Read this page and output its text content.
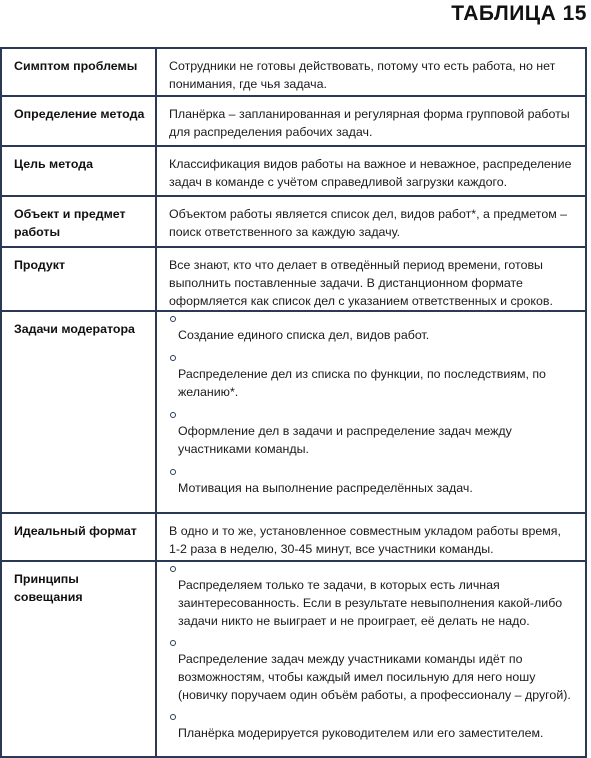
ТАБЛИЦА 15
Симптом проблемы	Сотрудники не готовы действовать, потому что есть работа, но нет понимания, где чья задача.
Определение метода	Планёрка – запланированная и регулярная форма групповой работы для распределения рабочих задач.
Цель метода	Классификация видов работы на важное и неважное, распределение задач в команде с учётом справедливой загрузки каждого.
Объект и предмет работы	Объектом работы является список дел, видов работ*, а предметом – поиск ответственного за каждую задачу.
Продукт	Все знают, кто что делает в отведённый период времени, готовы выполнить поставленные задачи. В дистанционном формате оформляется как список дел с указанием ответственных и сроков.
Задачи модератора	Создание единого списка дел, видов работ.

Распределение дел из списка по функции, по последствиям, по желанию*.

Оформление дел в задачи и распределение задач между участниками команды.

Мотивация на выполнение распределённых задач.

Идеальный формат	В одно и то же, установленное совместным укладом работы время, 1-2 раза в неделю, 30-45 минут, все участники команды.
Принципы совещания	Распределяем только те задачи, в которых есть личная заинтересованность. Если в результате невыполнения какой-либо задачи никто не выиграет и не проиграет, её делать не надо.

Распределение задач между участниками команды идёт по возможностям, чтобы каждый имел посильную для него ношу (новичку поручаем один объём работы, а профессионалу – другой).

Планёрка модерируется руководителем или его заместителем.
